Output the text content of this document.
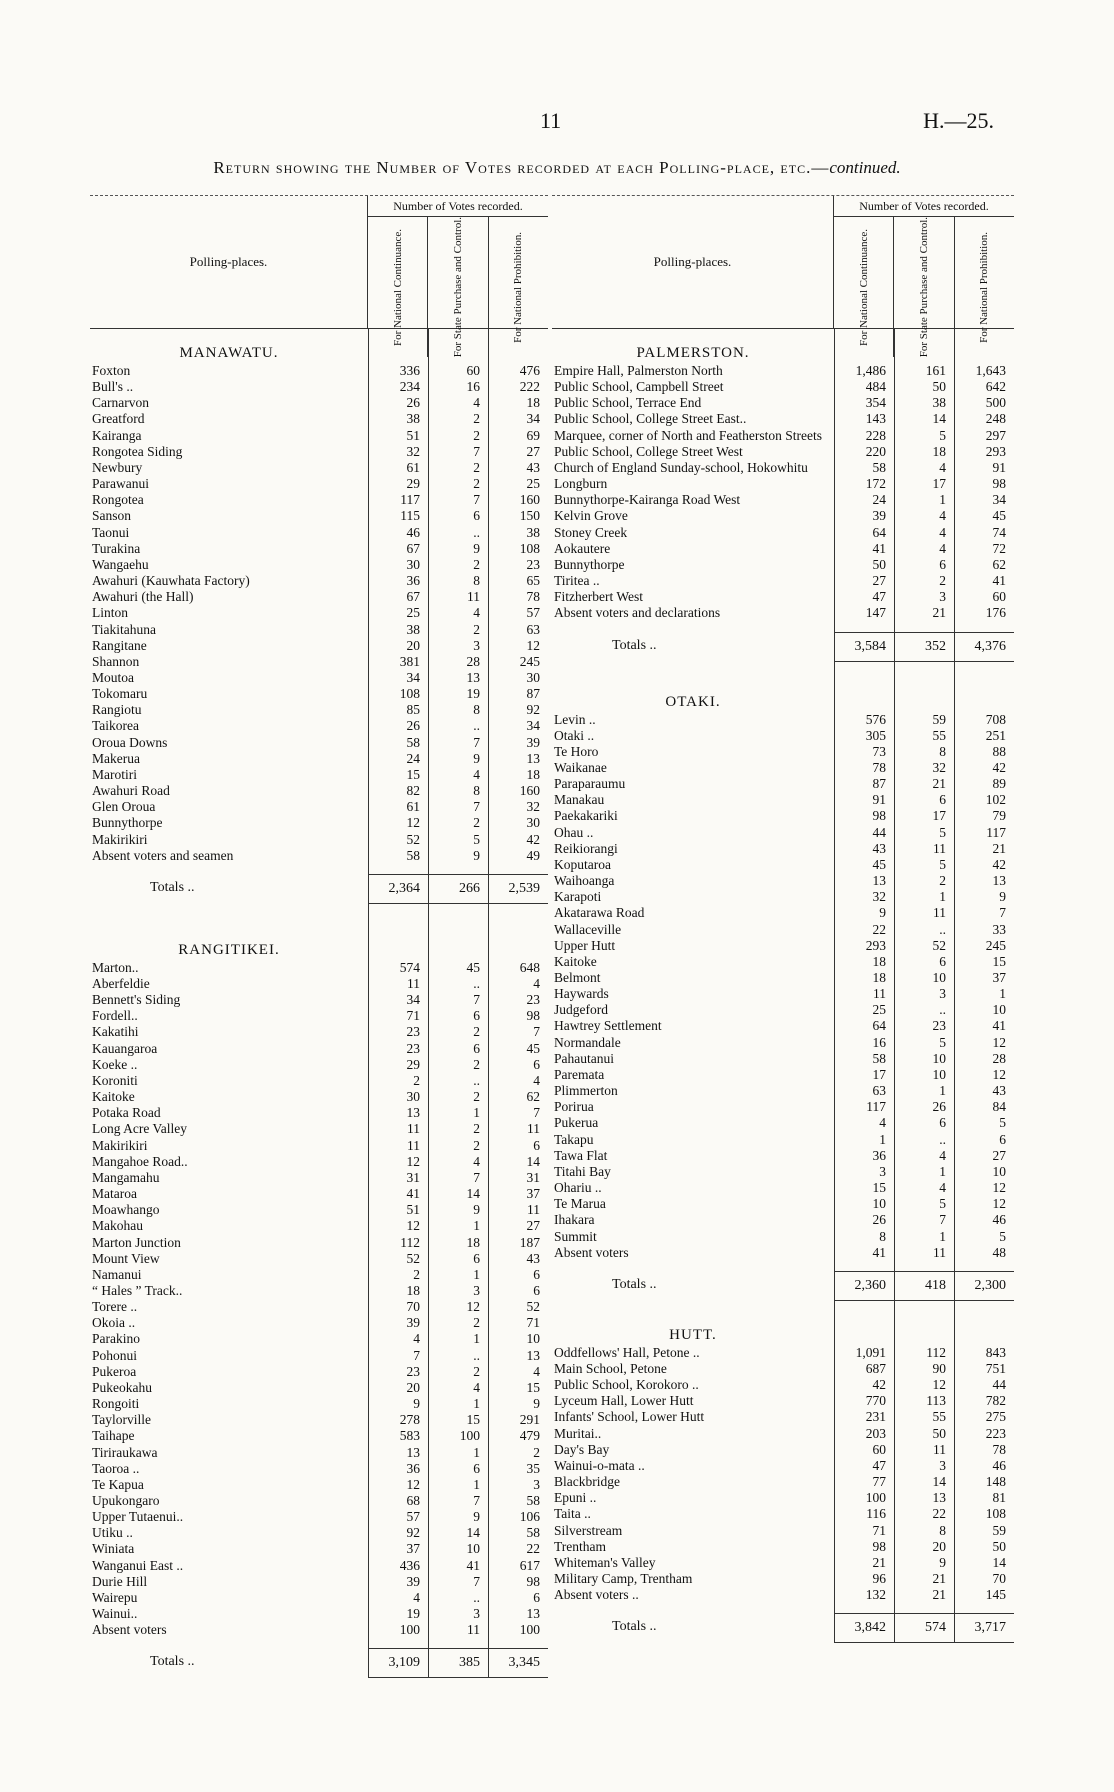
11	H.—25.
Return showing the Number of Votes recorded at each Polling-place, etc.—continued.
Polling-places.
Number of Votes recorded.
For National Continuance.	For State Purchase and Control.	For National Prohibition.
MANAWATU.
Foxton	336	60	476
Bull's ..	234	16	222
Carnarvon	26	4	18
Greatford	38	2	34
Kairanga	51	2	69
Rongotea Siding	32	7	27
Newbury	61	2	43
Parawanui	29	2	25
Rongotea	117	7	160
Sanson	115	6	150
Taonui	46	..	38
Turakina	67	9	108
Wangaehu	30	2	23
Awahuri (Kauwhata Factory)	36	8	65
Awahuri (the Hall)	67	11	78
Linton	25	4	57
Tiakitahuna	38	2	63
Rangitane	20	3	12
Shannon	381	28	245
Moutoa	34	13	30
Tokomaru	108	19	87
Rangiotu	85	8	92
Taikorea	26	..	34
Oroua Downs	58	7	39
Makerua	24	9	13
Marotiri	15	4	18
Awahuri Road	82	8	160
Glen Oroua	61	7	32
Bunnythorpe	12	2	30
Makirikiri	52	5	42
Absent voters and seamen	58	9	49
Totals ..	2,364	266	2,539
RANGITIKEI.
Marton..	574	45	648
Aberfeldie	11	..	4
Bennett's Siding	34	7	23
Fordell..	71	6	98
Kakatihi	23	2	7
Kauangaroa	23	6	45
Koeke ..	29	2	6
Koroniti	2	..	4
Kaitoke	30	2	62
Potaka Road	13	1	7
Long Acre Valley	11	2	11
Makirikiri	11	2	6
Mangahoe Road..	12	4	14
Mangamahu	31	7	31
Mataroa	41	14	37
Moawhango	51	9	11
Makohau	12	1	27
Marton Junction	112	18	187
Mount View	52	6	43
Namanui	2	1	6
“ Hales ” Track..	18	3	6
Torere ..	70	12	52
Okoia ..	39	2	71
Parakino	4	1	10
Pohonui	7	..	13
Pukeroa	23	2	4
Pukeokahu	20	4	15
Rongoiti	9	1	9
Taylorville	278	15	291
Taihape	583	100	479
Tiriraukawa	13	1	2
Taoroa ..	36	6	35
Te Kapua	12	1	3
Upukongaro	68	7	58
Upper Tutaenui..	57	9	106
Utiku ..	92	14	58
Winiata	37	10	22
Wanganui East ..	436	41	617
Durie Hill	39	7	98
Wairepu	4	..	6
Wainui..	19	3	13
Absent voters	100	11	100
Totals ..	3,109	385	3,345
Polling-places.
Number of Votes recorded.
For National Continuance.	For State Purchase and Control.	For National Prohibition.
PALMERSTON.
Empire Hall, Palmerston North	1,486	161	1,643
Public School, Campbell Street	484	50	642
Public School, Terrace End	354	38	500
Public School, College Street East..	143	14	248
Marquee, corner of North and Featherston Streets	228	5	297
Public School, College Street West	220	18	293
Church of England Sunday-school, Hokowhitu	58	4	91
Longburn	172	17	98
Bunnythorpe-Kairanga Road West	24	1	34
Kelvin Grove	39	4	45
Stoney Creek	64	4	74
Aokautere	41	4	72
Bunnythorpe	50	6	62
Tiritea ..	27	2	41
Fitzherbert West	47	3	60
Absent voters and declarations	147	21	176
Totals ..	3,584	352	4,376
OTAKI.
Levin ..	576	59	708
Otaki ..	305	55	251
Te Horo	73	8	88
Waikanae	78	32	42
Paraparaumu	87	21	89
Manakau	91	6	102
Paekakariki	98	17	79
Ohau ..	44	5	117
Reikiorangi	43	11	21
Koputaroa	45	5	42
Waihoanga	13	2	13
Karapoti	32	1	9
Akatarawa Road	9	11	7
Wallaceville	22	..	33
Upper Hutt	293	52	245
Kaitoke	18	6	15
Belmont	18	10	37
Haywards	11	3	1
Judgeford	25	..	10
Hawtrey Settlement	64	23	41
Normandale	16	5	12
Pahautanui	58	10	28
Paremata	17	10	12
Plimmerton	63	1	43
Porirua	117	26	84
Pukerua	4	6	5
Takapu	1	..	6
Tawa Flat	36	4	27
Titahi Bay	3	1	10
Ohariu ..	15	4	12
Te Marua	10	5	12
Ihakara	26	7	46
Summit	8	1	5
Absent voters	41	11	48
Totals ..	2,360	418	2,300
HUTT.
Oddfellows' Hall, Petone ..	1,091	112	843
Main School, Petone	687	90	751
Public School, Korokoro ..	42	12	44
Lyceum Hall, Lower Hutt	770	113	782
Infants' School, Lower Hutt	231	55	275
Muritai..	203	50	223
Day's Bay	60	11	78
Wainui-o-mata ..	47	3	46
Blackbridge	77	14	148
Epuni ..	100	13	81
Taita ..	116	22	108
Silverstream	71	8	59
Trentham	98	20	50
Whiteman's Valley	21	9	14
Military Camp, Trentham	96	21	70
Absent voters ..	132	21	145
Totals ..	3,842	574	3,717
